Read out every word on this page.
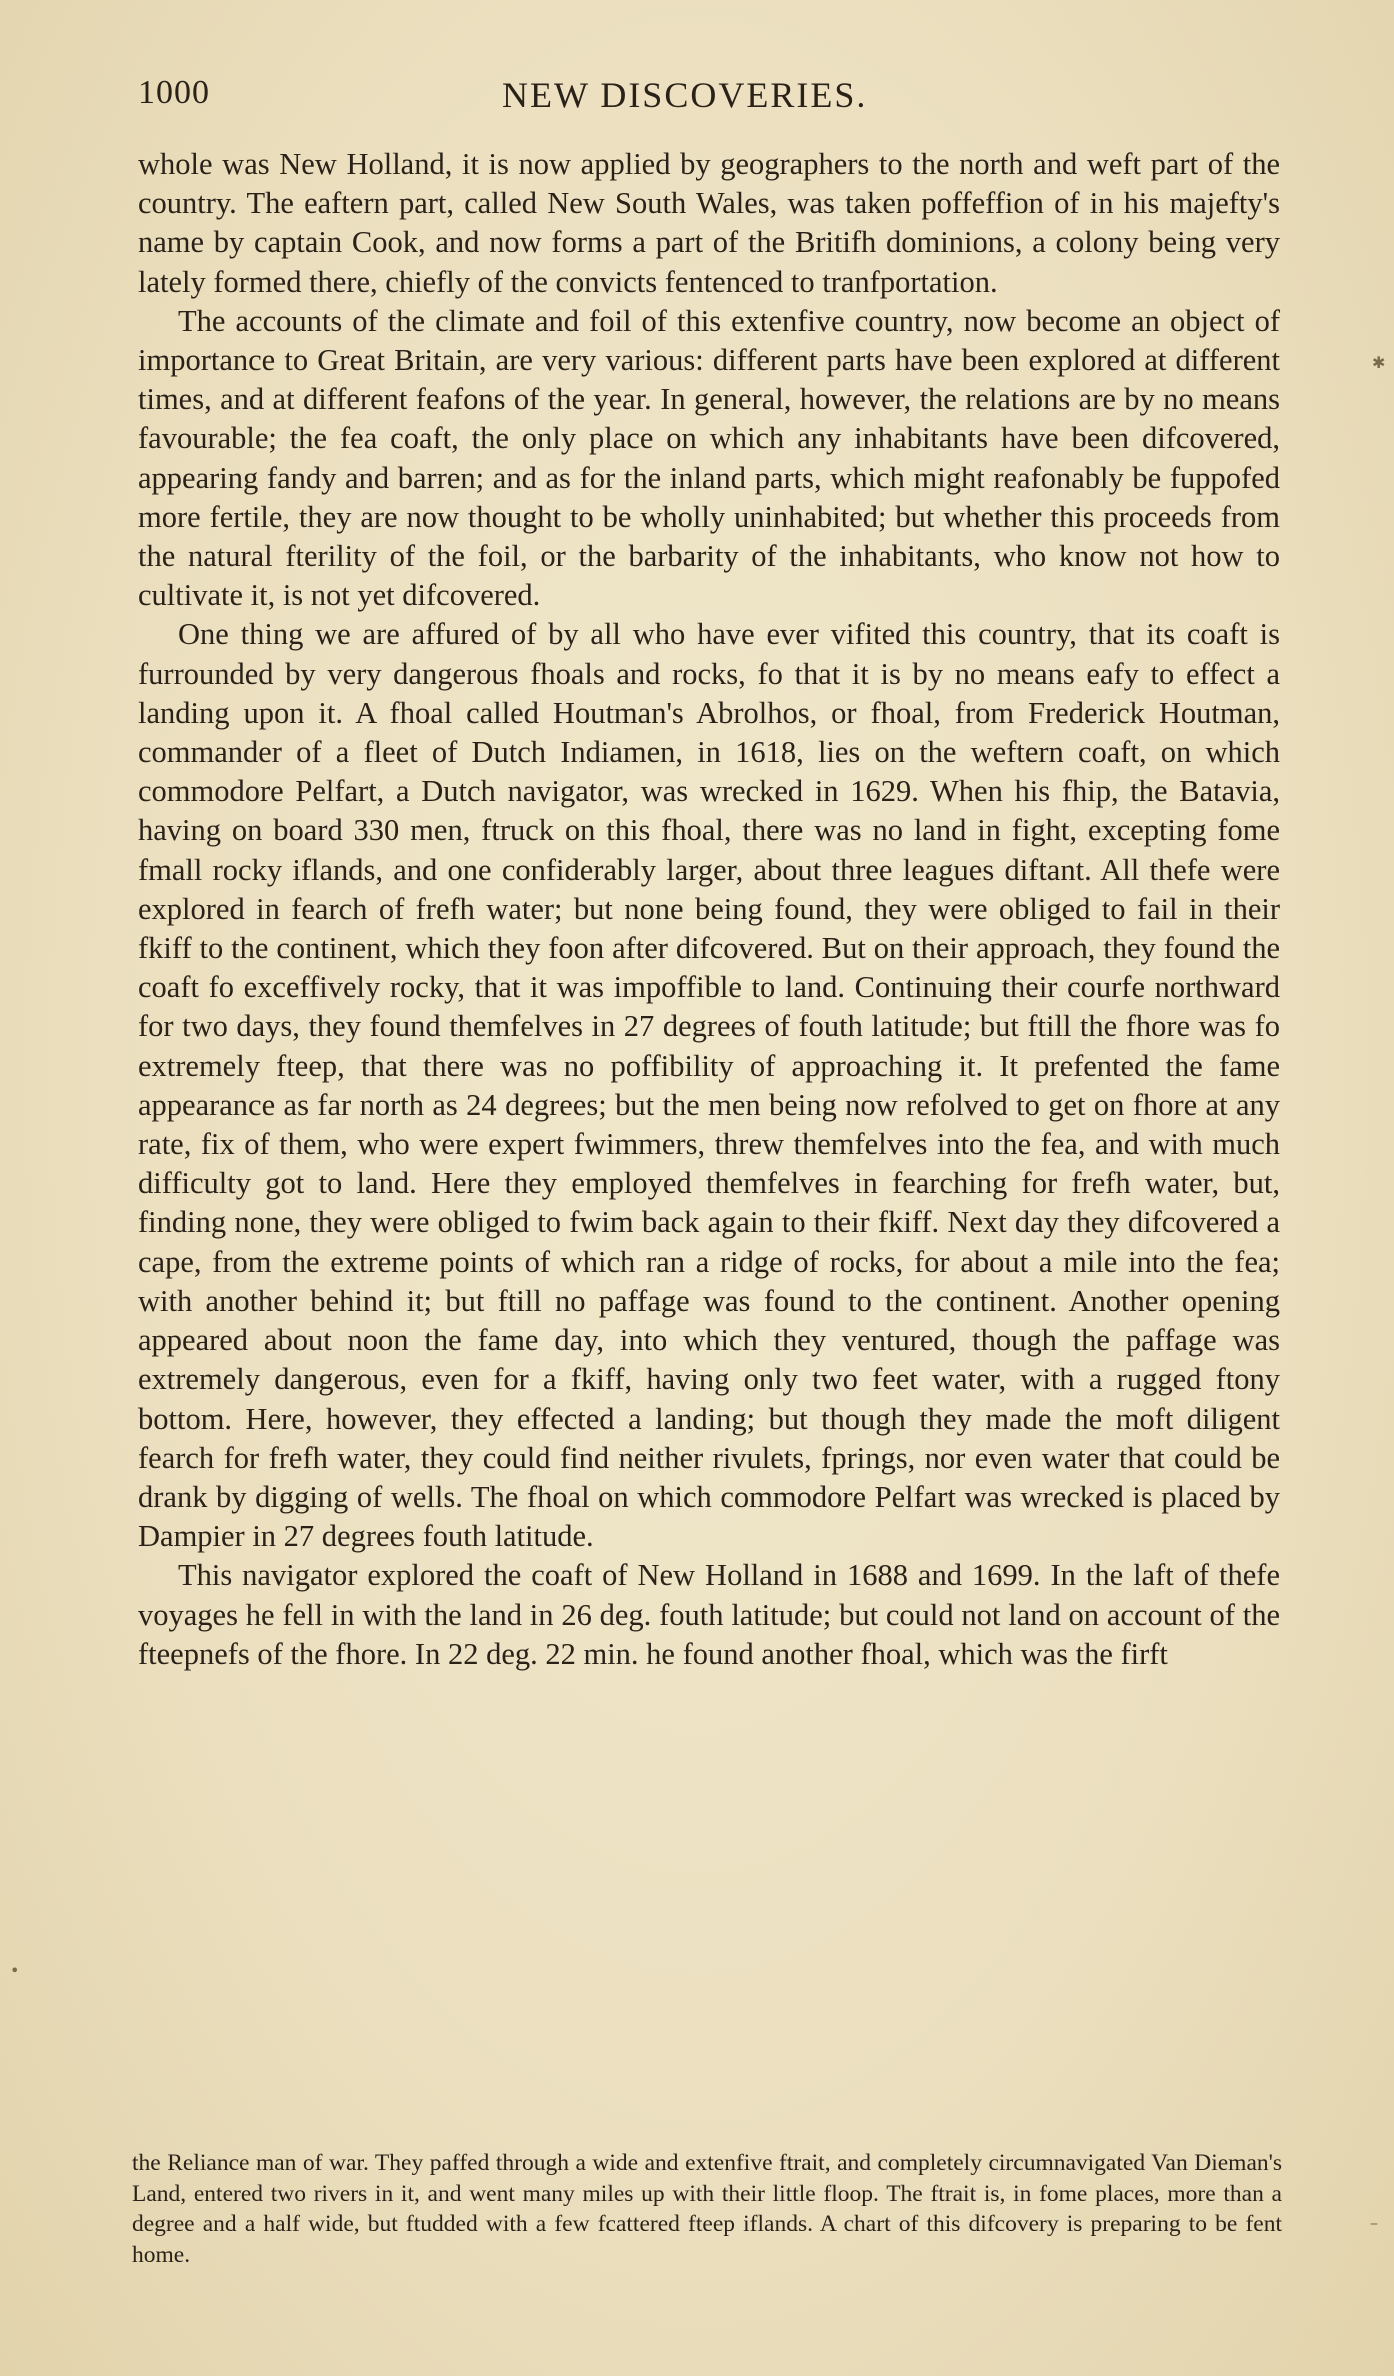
1000	NEW DISCOVERIES.

whole was New Holland, it is now applied by geographers to the north and weft part of the country. The eaftern part, called New South Wales, was taken poffeffion of in his majefty's name by captain Cook, and now forms a part of the Britifh dominions, a colony being very lately formed there, chiefly of the convicts fentenced to tranfportation.

The accounts of the climate and foil of this extenfive country, now become an object of importance to Great Britain, are very various: different parts have been explored at different times, and at different feafons of the year. In general, however, the relations are by no means favourable; the fea coaft, the only place on which any inhabitants have been difcovered, appearing fandy and barren; and as for the inland parts, which might reafonably be fuppofed more fertile, they are now thought to be wholly uninhabited; but whether this proceeds from the natural fterility of the foil, or the barbarity of the inhabitants, who know not how to cultivate it, is not yet difcovered.

One thing we are affured of by all who have ever vifited this country, that its coaft is furrounded by very dangerous fhoals and rocks, fo that it is by no means eafy to effect a landing upon it. A fhoal called Houtman's Abrolhos, or fhoal, from Frederick Houtman, commander of a fleet of Dutch Indiamen, in 1618, lies on the weftern coaft, on which commodore Pelfart, a Dutch navigator, was wrecked in 1629. When his fhip, the Batavia, having on board 330 men, ftruck on this fhoal, there was no land in fight, excepting fome fmall rocky iflands, and one confiderably larger, about three leagues diftant. All thefe were explored in fearch of frefh water; but none being found, they were obliged to fail in their fkiff to the continent, which they foon after difcovered. But on their approach, they found the coaft fo exceffively rocky, that it was impoffible to land. Continuing their courfe northward for two days, they found themfelves in 27 degrees of fouth latitude; but ftill the fhore was fo extremely fteep, that there was no poffibility of approaching it. It prefented the fame appearance as far north as 24 degrees; but the men being now refolved to get on fhore at any rate, fix of them, who were expert fwimmers, threw themfelves into the fea, and with much difficulty got to land. Here they employed themfelves in fearching for frefh water, but, finding none, they were obliged to fwim back again to their fkiff. Next day they difcovered a cape, from the extreme points of which ran a ridge of rocks, for about a mile into the fea; with another behind it; but ftill no paffage was found to the continent. Another opening appeared about noon the fame day, into which they ventured, though the paffage was extremely dangerous, even for a fkiff, having only two feet water, with a rugged ftony bottom. Here, however, they effected a landing; but though they made the moft diligent fearch for frefh water, they could find neither rivulets, fprings, nor even water that could be drank by digging of wells. The fhoal on which commodore Pelfart was wrecked is placed by Dampier in 27 degrees fouth latitude.

This navigator explored the coaft of New Holland in 1688 and 1699. In the laft of thefe voyages he fell in with the land in 26 deg. fouth latitude; but could not land on account of the fteepnefs of the fhore. In 22 deg. 22 min. he found another fhoal, which was the firft

the Reliance man of war. They paffed through a wide and extenfive ftrait, and completely circumnavigated Van Dieman's Land, entered two rivers in it, and went many miles up with their little floop. The ftrait is, in fome places, more than a degree and a half wide, but ftudded with a few fcattered fteep iflands. A chart of this difcovery is preparing to be fent home.

✱
•
–
